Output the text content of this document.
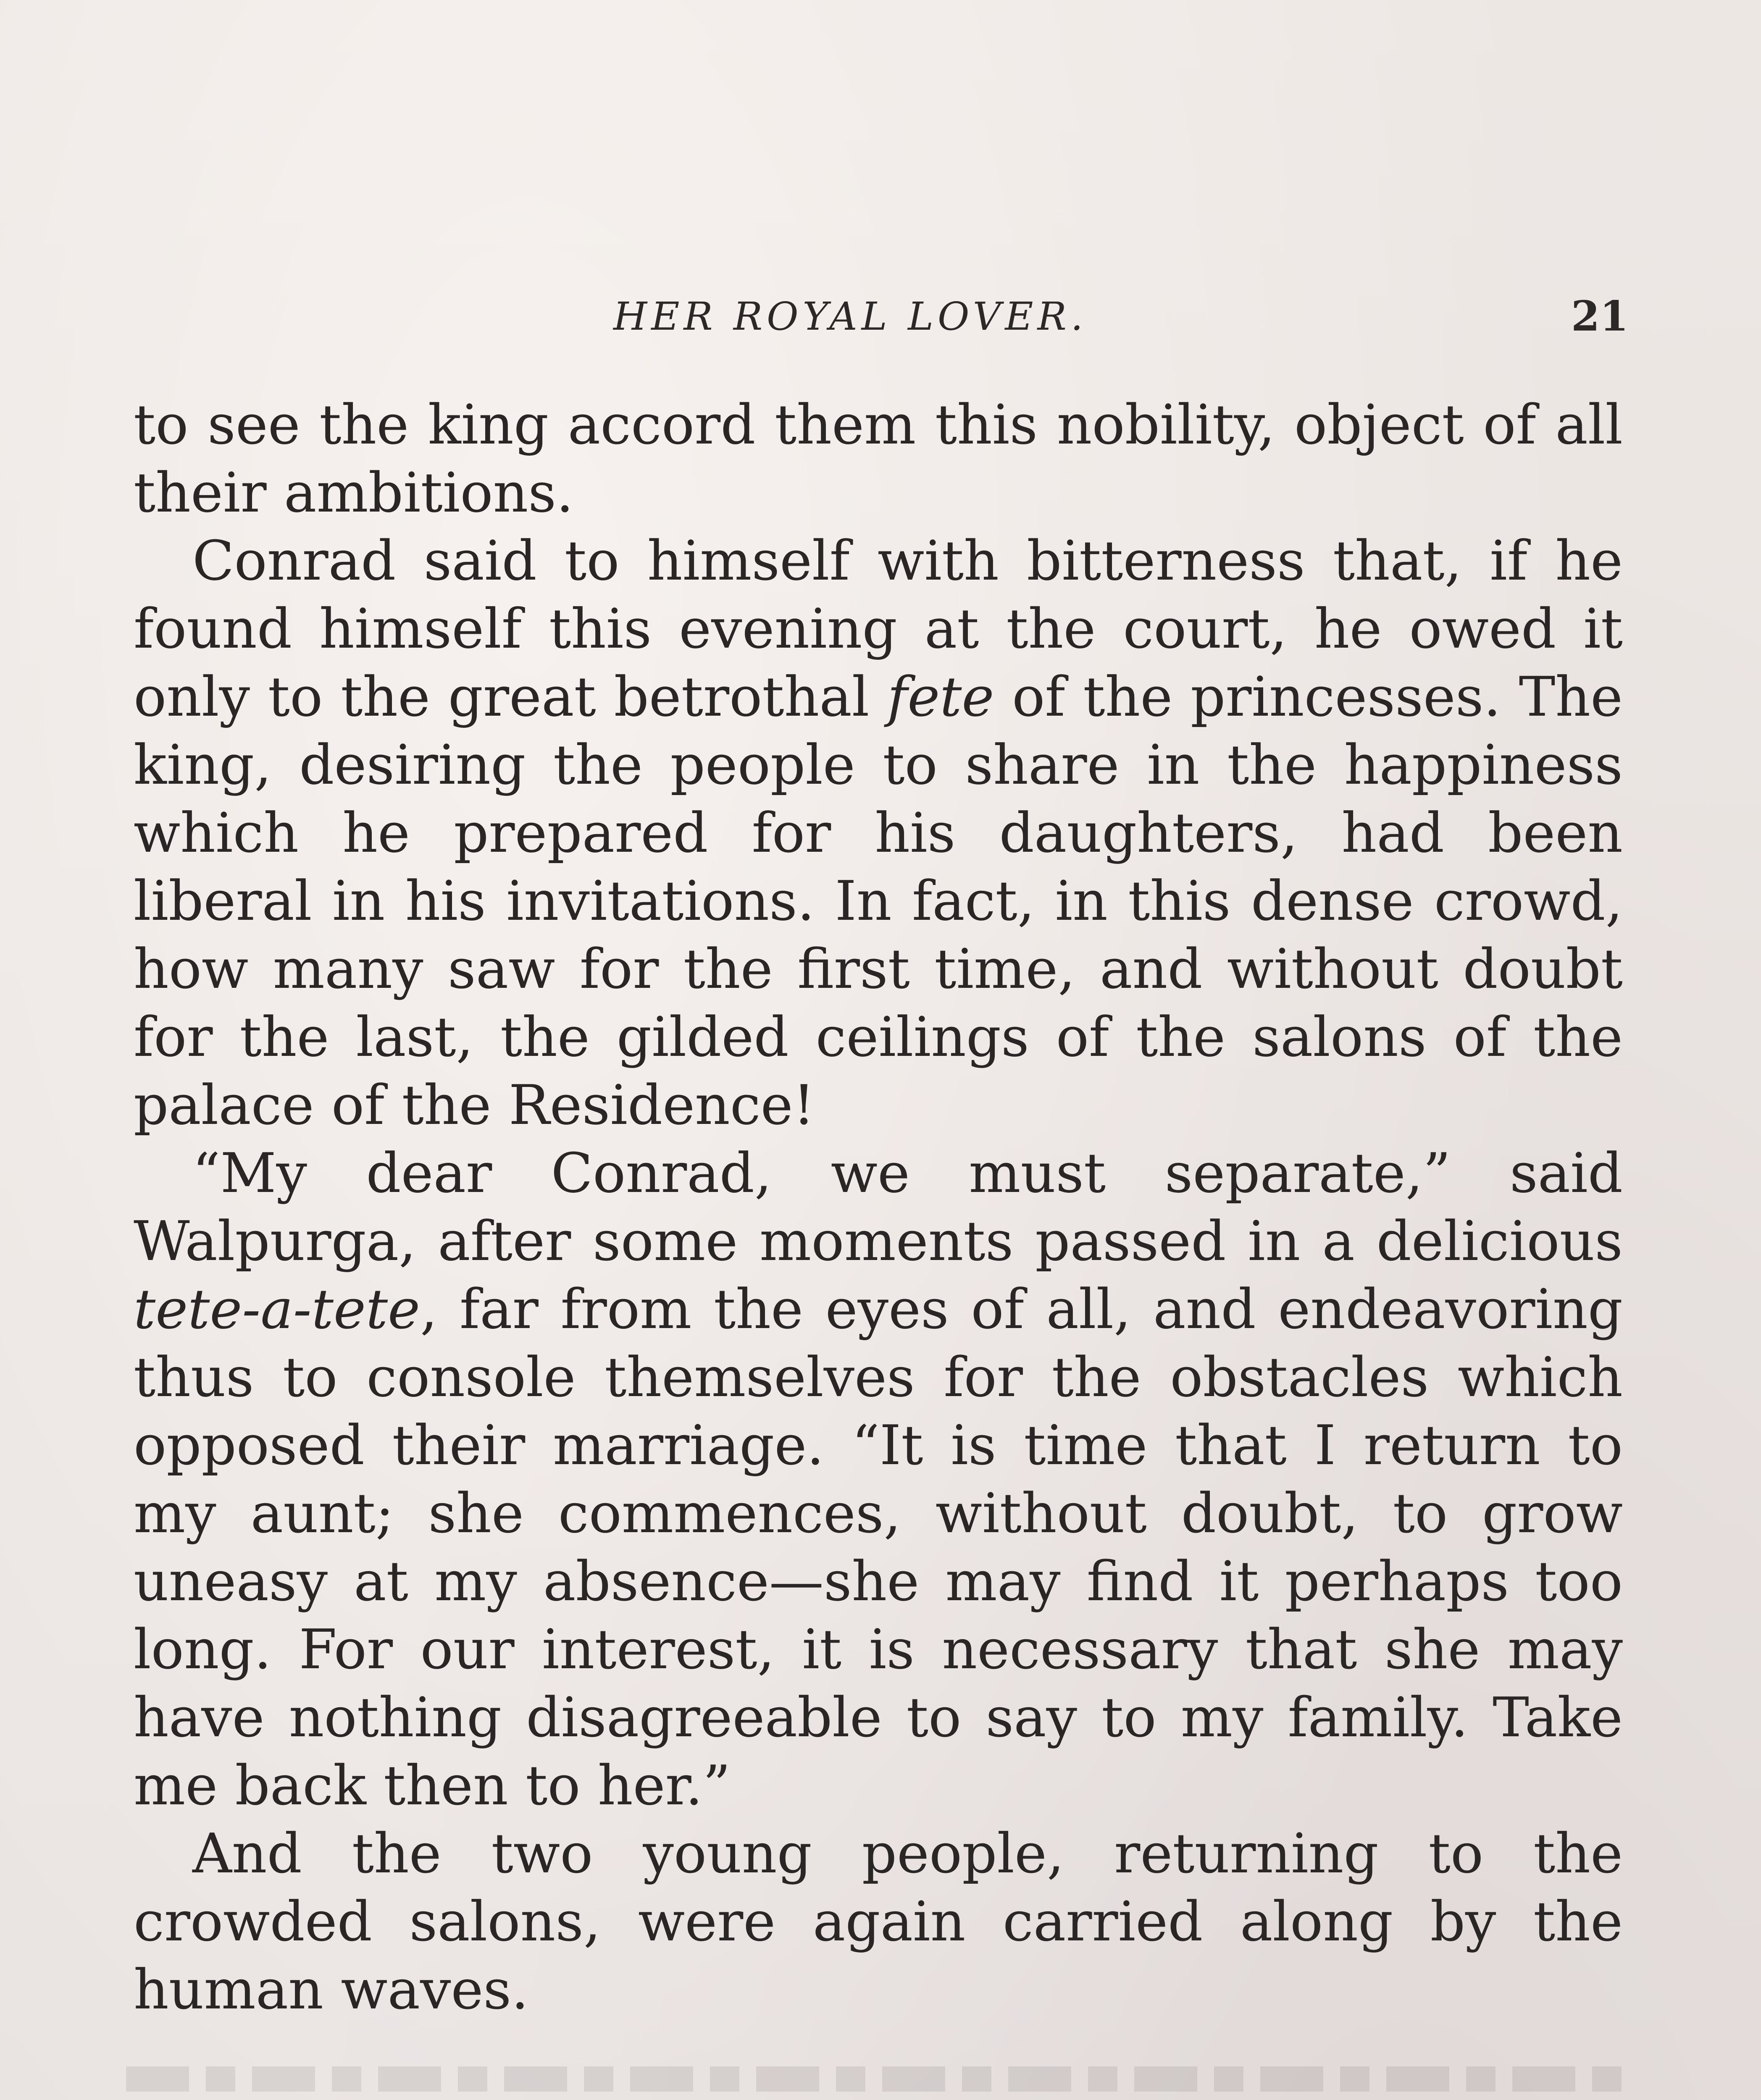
HER ROYAL LOVER.	21

to see the king accord them this nobility, object of all their ambitions.

Conrad said to himself with bitterness that, if he found himself this evening at the court, he owed it only to the great betrothal fete of the princesses. The king, desiring the people to share in the happiness which he prepared for his daughters, had been liberal in his invitations. In fact, in this dense crowd, how many saw for the first time, and without doubt for the last, the gilded ceilings of the salons of the palace of the Residence!

“My dear Conrad, we must separate,” said Walpurga, after some moments passed in a delicious tete-a-tete, far from the eyes of all, and endeavoring thus to console themselves for the obstacles which opposed their marriage. “It is time that I return to my aunt; she commences, without doubt, to grow uneasy at my absence—she may find it perhaps too long. For our interest, it is necessary that she may have nothing disagreeable to say to my family. Take me back then to her.”

And the two young people, returning to the crowded salons, were again carried along by the human waves.
